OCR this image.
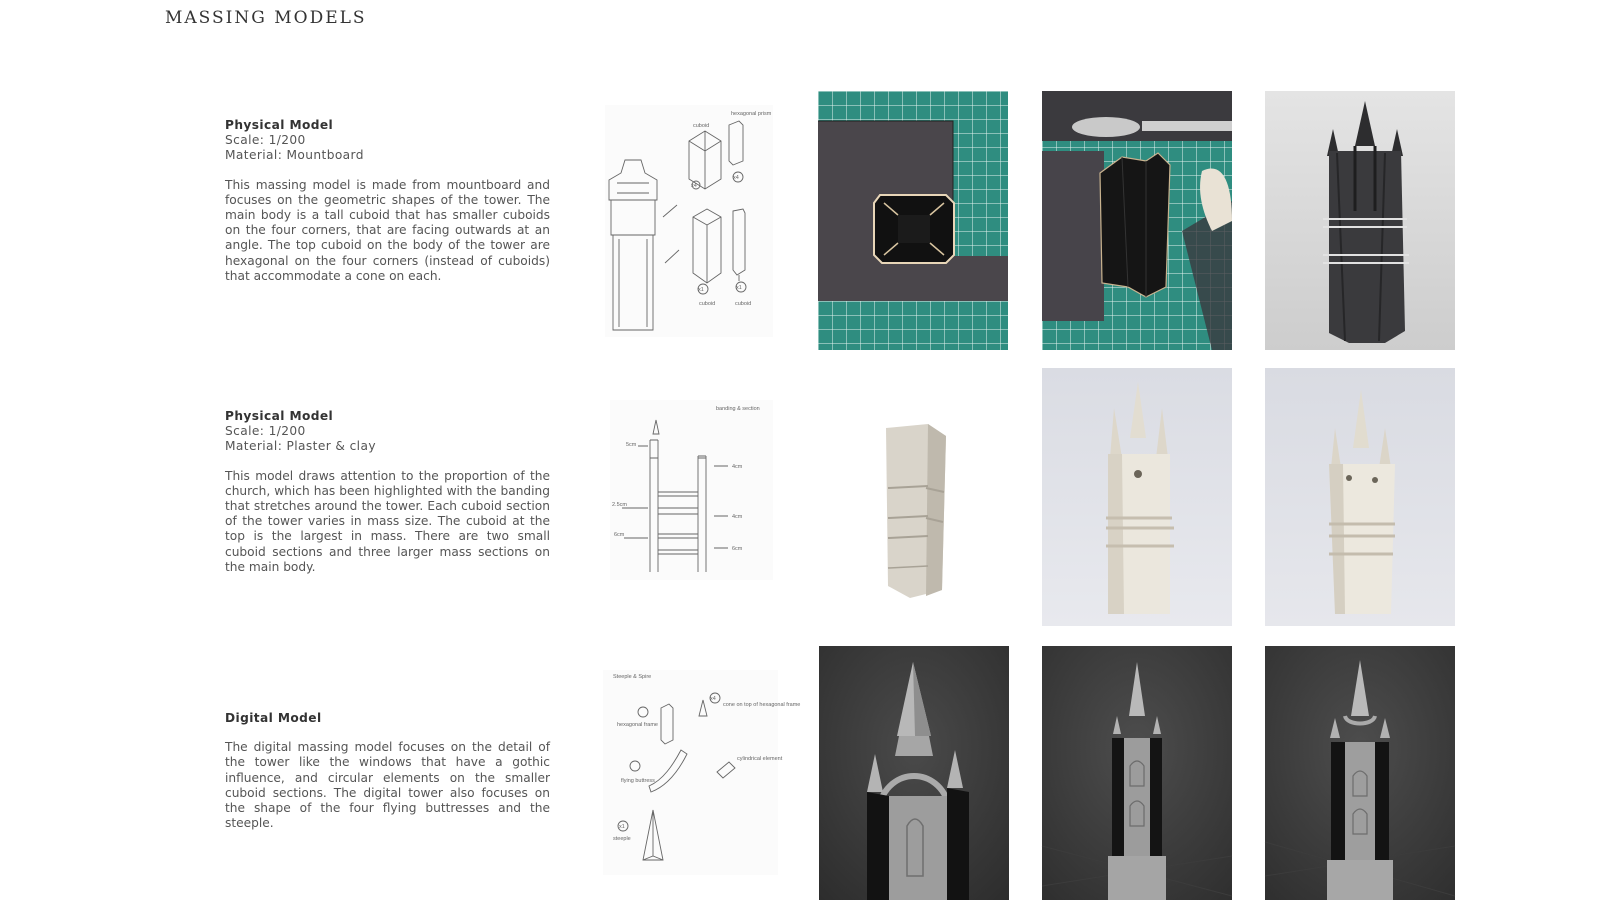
MASSING MODELS
Physical Model
Scale: 1/200
Material: Mountboard
This massing model is made from mountboard and focuses on the geometric shapes of the tower. The main body is a tall cuboid that has smaller cuboids on the four corners, that are facing outwards at an angle. The top cuboid on the body of the tower are hexagonal on the four corners (instead of cuboids) that accommodate a cone on each.
Physical Model
Scale: 1/200
Material: Plaster & clay
This model draws attention to the proportion of the church, which has been highlighted with the banding that stretches around the tower. Each cuboid section of the tower varies in mass size. The cuboid at the top is the largest in mass. There are two small cuboid sections and three larger mass sections on the main body.
Digital Model
The digital massing model focuses on the detail of the tower like the windows that have a gothic influence, and circular elements on the smaller cuboid sections. The digital tower also focuses on the shape of the four flying buttresses and the steeple.
hexagonal prism
cuboid
cuboid	cuboid
x4
x4
x1	x1
banding & section
5cm
2.5cm
6cm
4cm
4cm
6cm
Steeple & Spire
hexagonal frame
cone on top of hexagonal frame
flying buttress
cylindrical element
steeple
x4
x1
